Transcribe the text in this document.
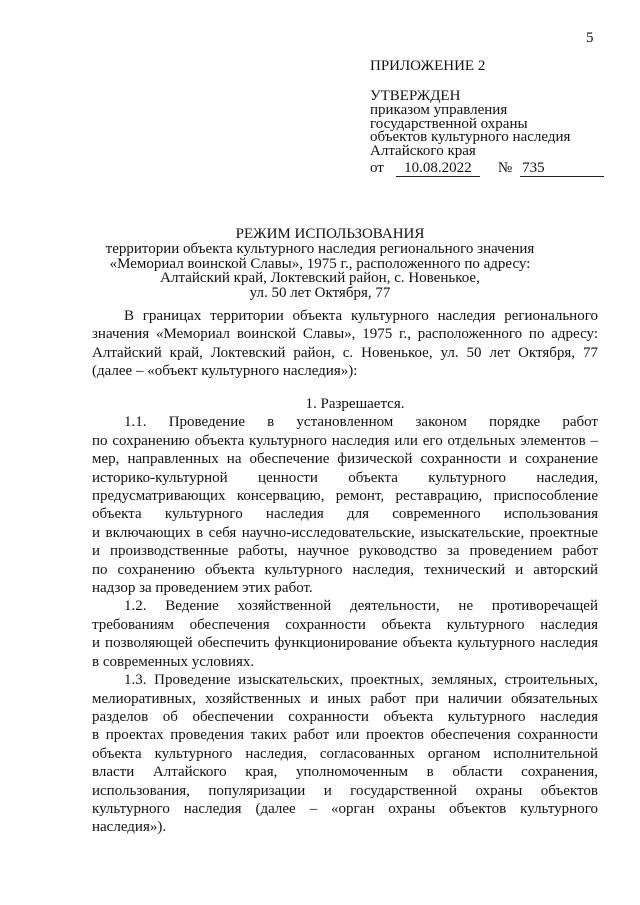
5
ПРИЛОЖЕНИЕ 2
УТВЕРЖДЕН
приказом управления
государственной охраны
объектов культурного наследия
Алтайского края
от 10.08.2022 № 735
РЕЖИМ ИСПОЛЬЗОВАНИЯ
территории объекта культурного наследия регионального значения
«Мемориал воинской Славы», 1975 г., расположенного по адресу:
Алтайский край, Локтевский район, с. Новенькое,
ул. 50 лет Октября, 77
В границах территории объекта культурного наследия регионального
значения «Мемориал воинской Славы», 1975 г., расположенного по адресу:
Алтайский край, Локтевский район, с. Новенькое, ул. 50 лет Октября, 77
(далее – «объект культурного наследия»):
1. Разрешается.
1.1. Проведение в установленном законом порядке работ
по сохранению объекта культурного наследия или его отдельных элементов –
мер, направленных на обеспечение физической сохранности и сохранение
историко-культурной ценности объекта культурного наследия,
предусматривающих консервацию, ремонт, реставрацию, приспособление
объекта культурного наследия для современного использования
и включающих в себя научно-исследовательские, изыскательские, проектные
и производственные работы, научное руководство за проведением работ
по сохранению объекта культурного наследия, технический и авторский
надзор за проведением этих работ.
1.2. Ведение хозяйственной деятельности, не противоречащей
требованиям обеспечения сохранности объекта культурного наследия
и позволяющей обеспечить функционирование объекта культурного наследия
в современных условиях.
1.3. Проведение изыскательских, проектных, земляных, строительных,
мелиоративных, хозяйственных и иных работ при наличии обязательных
разделов об обеспечении сохранности объекта культурного наследия
в проектах проведения таких работ или проектов обеспечения сохранности
объекта культурного наследия, согласованных органом исполнительной
власти Алтайского края, уполномоченным в области сохранения,
использования, популяризации и государственной охраны объектов
культурного наследия (далее – «орган охраны объектов культурного
наследия»).
